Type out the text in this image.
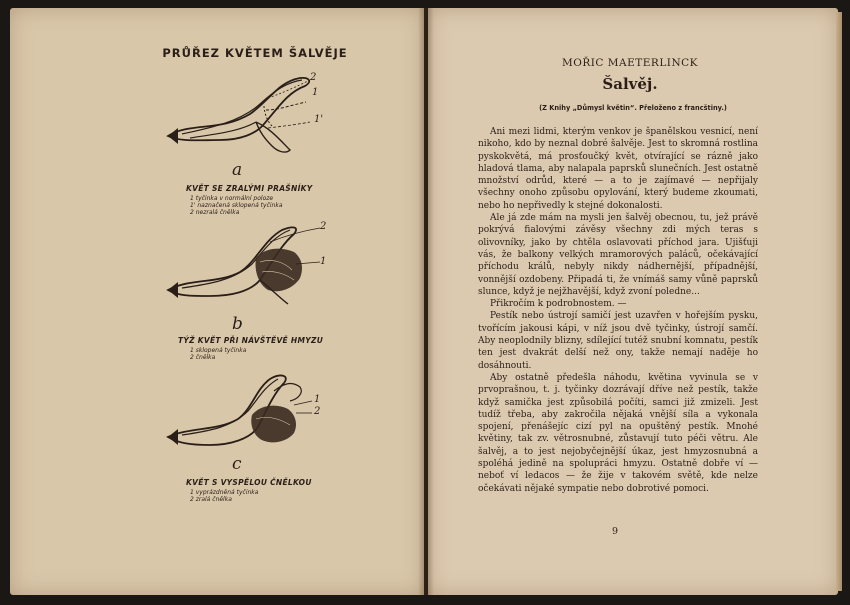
PRŮŘEZ KVĚTEM ŠALVĚJE
2
1
1'
a
KVĚT SE ZRALÝMI PRAŠNÍKY
1 tyčinka v normální poloze
1' naznačená sklopená tyčinka
2 nezralá čnělka
2
1
b
TÝŽ KVĚT PŘI NÁVŠTĚVĚ HMYZU
1 sklopená tyčinka
2 čnělka
1
2
c
KVĚT S VYSPĚLOU ČNĚLKOU
1 vyprázdněná tyčinka
2 zralá čnělka
MOŘIC MAETERLINCK
Šalvěj.
(Z Knihy „Důmysl květin“. Přeloženo z francštiny.)

Ani mezi lidmi, kterým venkov je španělskou vesnicí, není nikoho, kdo by neznal dobré šalvěje. Jest to skromná rostlina pyskokvětá, má prosťoučký květ, otvírající se rázně jako hladová tlama, aby nalapala paprsků slunečních. Jest ostatně množství odrůd, které — a to je zajímavé — nepřijaly všechny onoho způsobu opylování, který budeme zkoumati, nebo ho nepřivedly k stejné dokonalosti.

Ale já zde mám na mysli jen šalvěj obecnou, tu, jež právě pokrývá fialovými závěsy všechny zdi mých teras s olivovníky, jako by chtěla oslavovati příchod jara. Ujišťuji vás, že balkony velkých mramorových paláců, očekávající příchodu králů, nebyly nikdy nádhernější, případnější, vonnější ozdobeny. Připadá ti, že vnímáš samy vůně paprsků slunce, když je nejžhavější, když zvoní poledne...

Přikročím k podrobnostem. —

Pestík nebo ústrojí samičí jest uzavřen v hořejším pysku, tvořícím jakousi kápi, v níž jsou dvě tyčinky, ústrojí samčí. Aby neoplodnily blizny, sdílející tutéž snubní komnatu, pestík ten jest dvakrát delší než ony, takže nemají naděje ho dosáhnouti.

Aby ostatně předešla náhodu, květina vyvinula se v prvoprašnou, t. j. tyčinky dozrávají dříve než pestík, takže když samička jest způsobilá počíti, samci již zmizeli. Jest tudíž třeba, aby zakročila nějaká vnější síla a vykonala spojení, přenášejíc cizí pyl na opuštěný pestík. Mnohé květiny, tak zv. větrosnubné, zůstavují tuto péči větru. Ale šalvěj, a to jest nejobyčejnější úkaz, jest hmyzosnubná a spoléhá jedině na spolupráci hmyzu. Ostatně dobře ví — neboť ví ledacos — že žije v takovém světě, kde nelze očekávati nějaké sympatie nebo dobrotivé pomoci.

9
